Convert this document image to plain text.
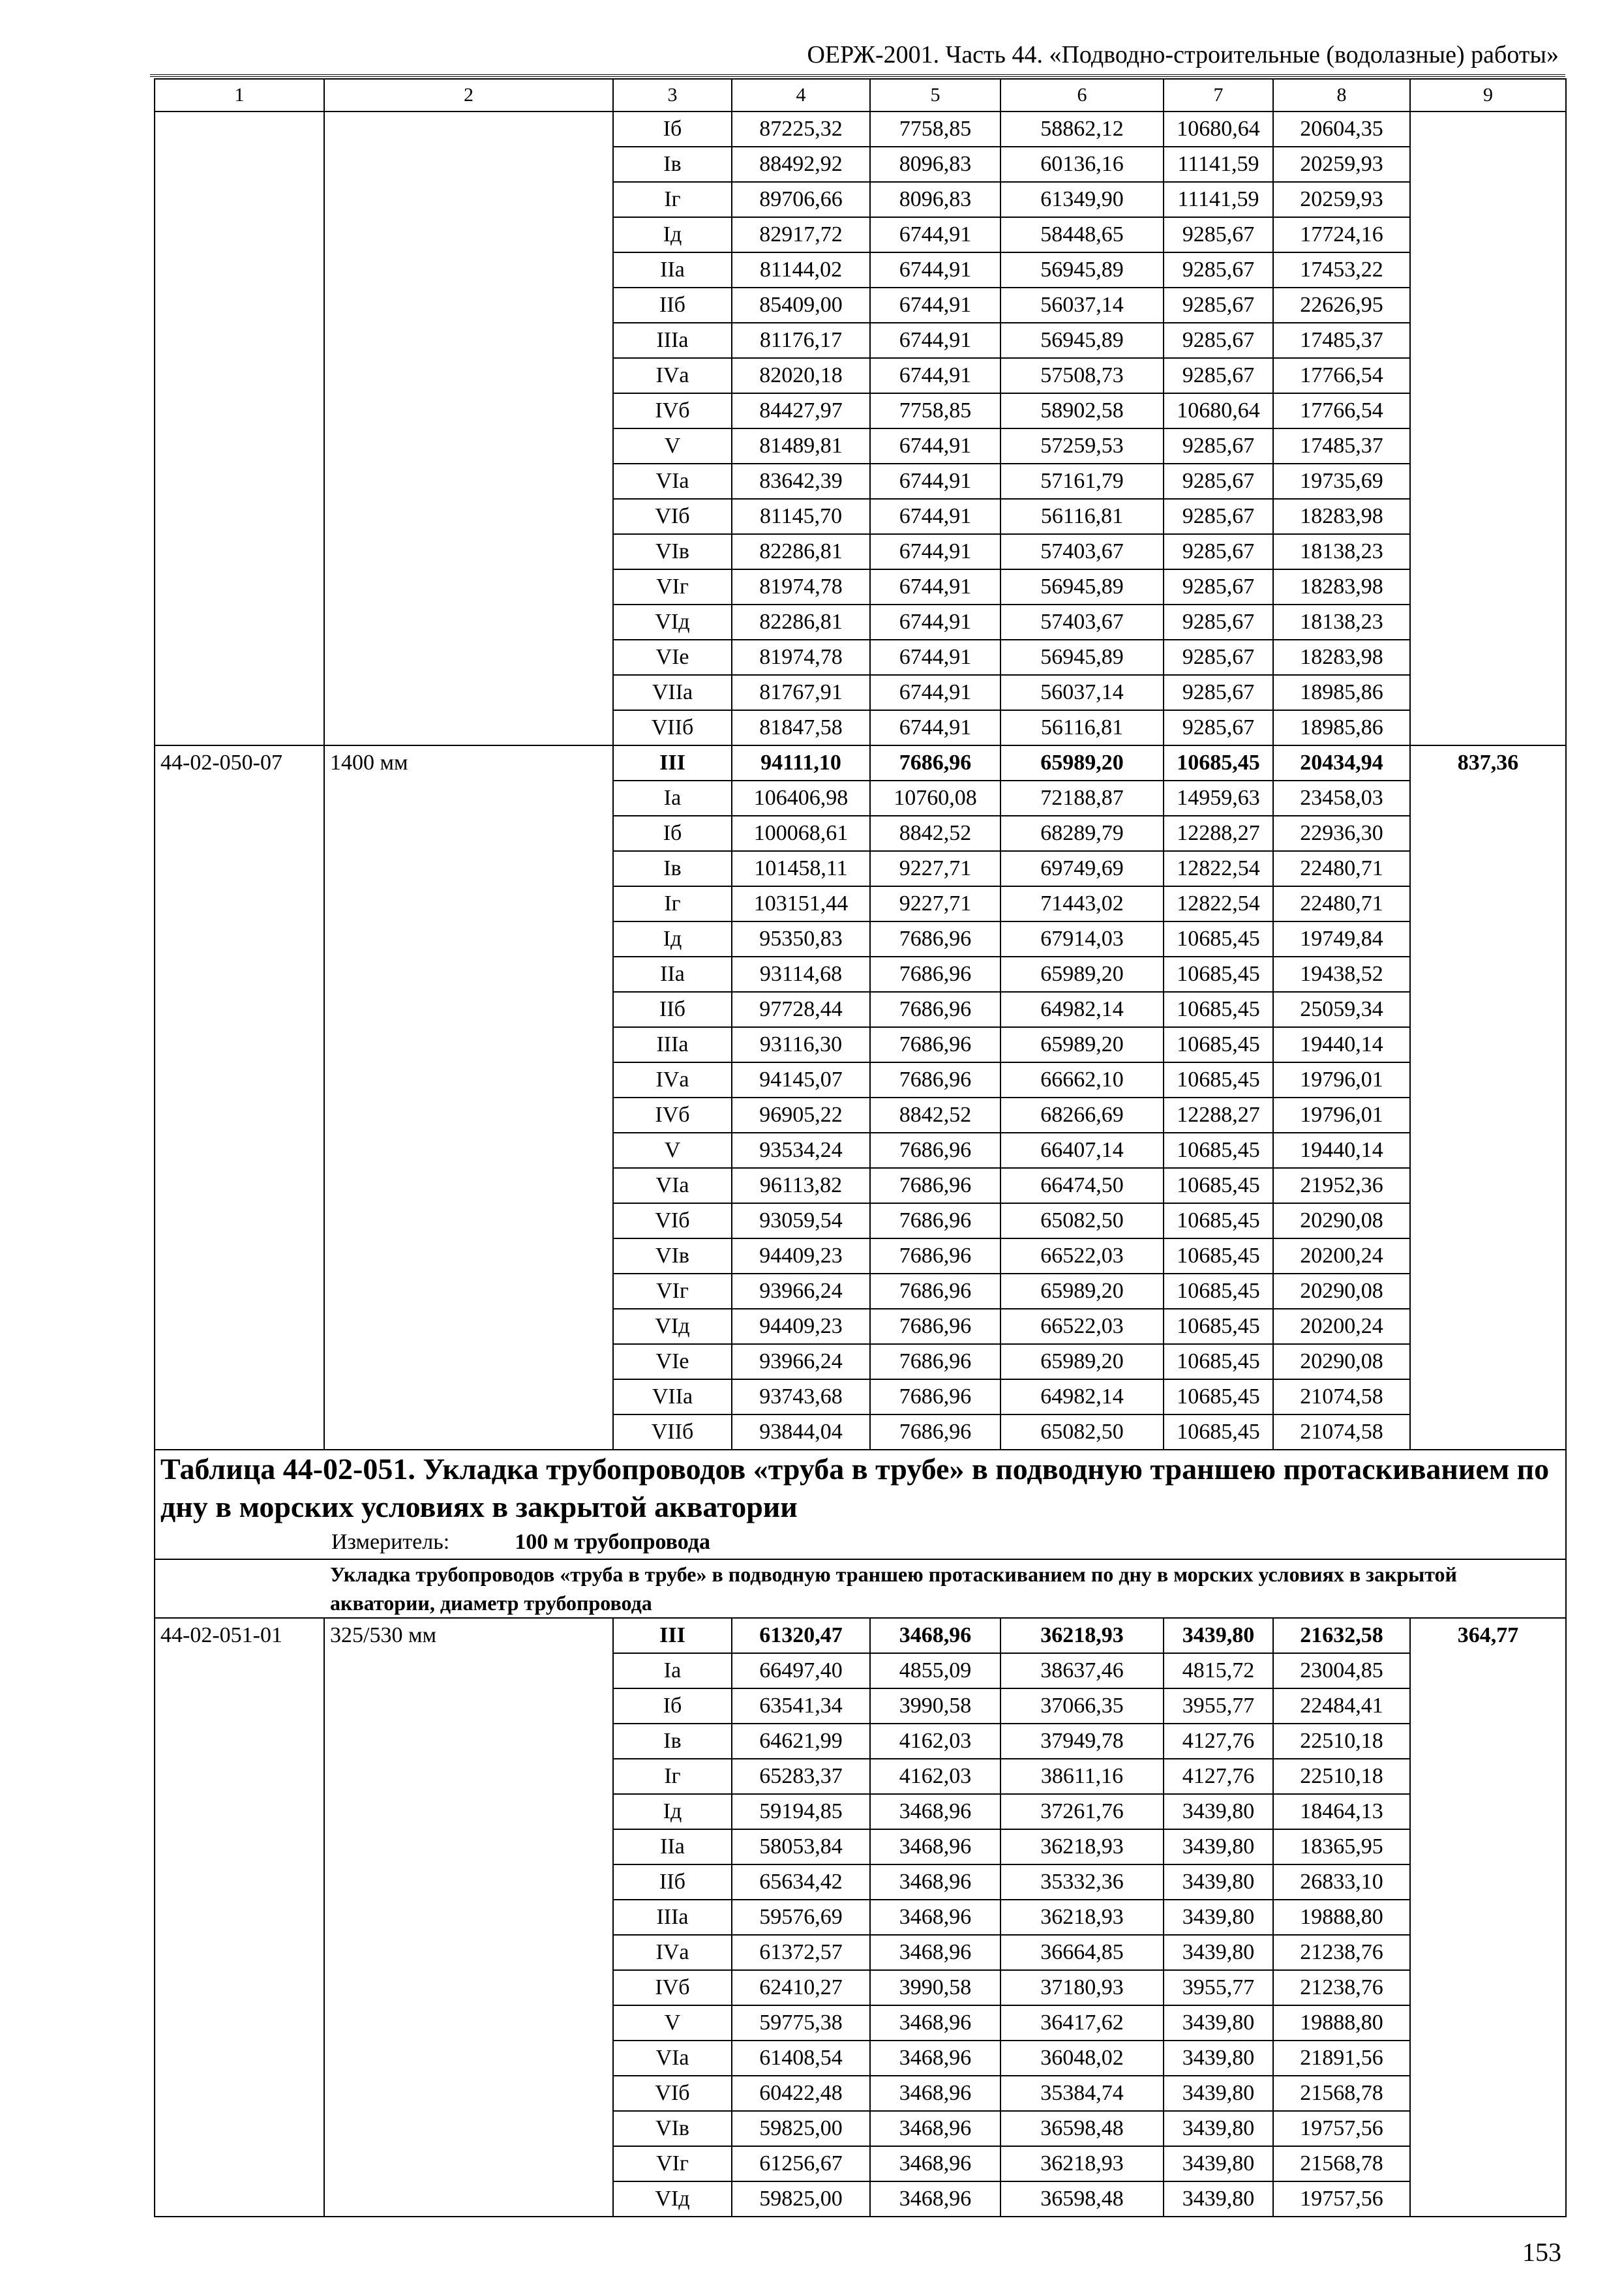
ОЕРЖ-2001. Часть 44. «Подводно-строительные (водолазные) работы»
1	2	3	4	5	6	7	8	9
		Iб	87225,32	7758,85	58862,12	10680,64	20604,35	
		Iв	88492,92	8096,83	60136,16	11141,59	20259,93	
		Iг	89706,66	8096,83	61349,90	11141,59	20259,93	
		Iд	82917,72	6744,91	58448,65	9285,67	17724,16	
		IIа	81144,02	6744,91	56945,89	9285,67	17453,22	
		IIб	85409,00	6744,91	56037,14	9285,67	22626,95	
		IIIа	81176,17	6744,91	56945,89	9285,67	17485,37	
		IVа	82020,18	6744,91	57508,73	9285,67	17766,54	
		IVб	84427,97	7758,85	58902,58	10680,64	17766,54	
		V	81489,81	6744,91	57259,53	9285,67	17485,37	
		VIа	83642,39	6744,91	57161,79	9285,67	19735,69	
		VIб	81145,70	6744,91	56116,81	9285,67	18283,98	
		VIв	82286,81	6744,91	57403,67	9285,67	18138,23	
		VIг	81974,78	6744,91	56945,89	9285,67	18283,98	
		VIд	82286,81	6744,91	57403,67	9285,67	18138,23	
		VIе	81974,78	6744,91	56945,89	9285,67	18283,98	
		VIIа	81767,91	6744,91	56037,14	9285,67	18985,86	
		VIIб	81847,58	6744,91	56116,81	9285,67	18985,86	
44-02-050-07	1400 мм	III	94111,10	7686,96	65989,20	10685,45	20434,94	837,36
		Iа	106406,98	10760,08	72188,87	14959,63	23458,03	
		Iб	100068,61	8842,52	68289,79	12288,27	22936,30	
		Iв	101458,11	9227,71	69749,69	12822,54	22480,71	
		Iг	103151,44	9227,71	71443,02	12822,54	22480,71	
		Iд	95350,83	7686,96	67914,03	10685,45	19749,84	
		IIа	93114,68	7686,96	65989,20	10685,45	19438,52	
		IIб	97728,44	7686,96	64982,14	10685,45	25059,34	
		IIIа	93116,30	7686,96	65989,20	10685,45	19440,14	
		IVа	94145,07	7686,96	66662,10	10685,45	19796,01	
		IVб	96905,22	8842,52	68266,69	12288,27	19796,01	
		V	93534,24	7686,96	66407,14	10685,45	19440,14	
		VIа	96113,82	7686,96	66474,50	10685,45	21952,36	
		VIб	93059,54	7686,96	65082,50	10685,45	20290,08	
		VIв	94409,23	7686,96	66522,03	10685,45	20200,24	
		VIг	93966,24	7686,96	65989,20	10685,45	20290,08	
		VIд	94409,23	7686,96	66522,03	10685,45	20200,24	
		VIе	93966,24	7686,96	65989,20	10685,45	20290,08	
		VIIа	93743,68	7686,96	64982,14	10685,45	21074,58	
		VIIб	93844,04	7686,96	65082,50	10685,45	21074,58	

Таблица 44-02-051. Укладка трубопроводов «труба в трубе» в подводную траншею протаскиванием по дну в морских условиях в закрытой акватории
Измеритель: 100 м трубопровода								

Укладка трубопроводов «труба в трубе» в подводную траншею протаскиванием по дну в морских условиях в закрытой акватории, диаметр трубопровода								

44-02-051-01	325/530 мм	III	61320,47	3468,96	36218,93	3439,80	21632,58	364,77
		Iа	66497,40	4855,09	38637,46	4815,72	23004,85	
		Iб	63541,34	3990,58	37066,35	3955,77	22484,41	
		Iв	64621,99	4162,03	37949,78	4127,76	22510,18	
		Iг	65283,37	4162,03	38611,16	4127,76	22510,18	
		Iд	59194,85	3468,96	37261,76	3439,80	18464,13	
		IIа	58053,84	3468,96	36218,93	3439,80	18365,95	
		IIб	65634,42	3468,96	35332,36	3439,80	26833,10	
		IIIа	59576,69	3468,96	36218,93	3439,80	19888,80	
		IVа	61372,57	3468,96	36664,85	3439,80	21238,76	
		IVб	62410,27	3990,58	37180,93	3955,77	21238,76	
		V	59775,38	3468,96	36417,62	3439,80	19888,80	
		VIа	61408,54	3468,96	36048,02	3439,80	21891,56	
		VIб	60422,48	3468,96	35384,74	3439,80	21568,78	
		VIв	59825,00	3468,96	36598,48	3439,80	19757,56	
		VIг	61256,67	3468,96	36218,93	3439,80	21568,78	
		VIд	59825,00	3468,96	36598,48	3439,80	19757,56	
153
